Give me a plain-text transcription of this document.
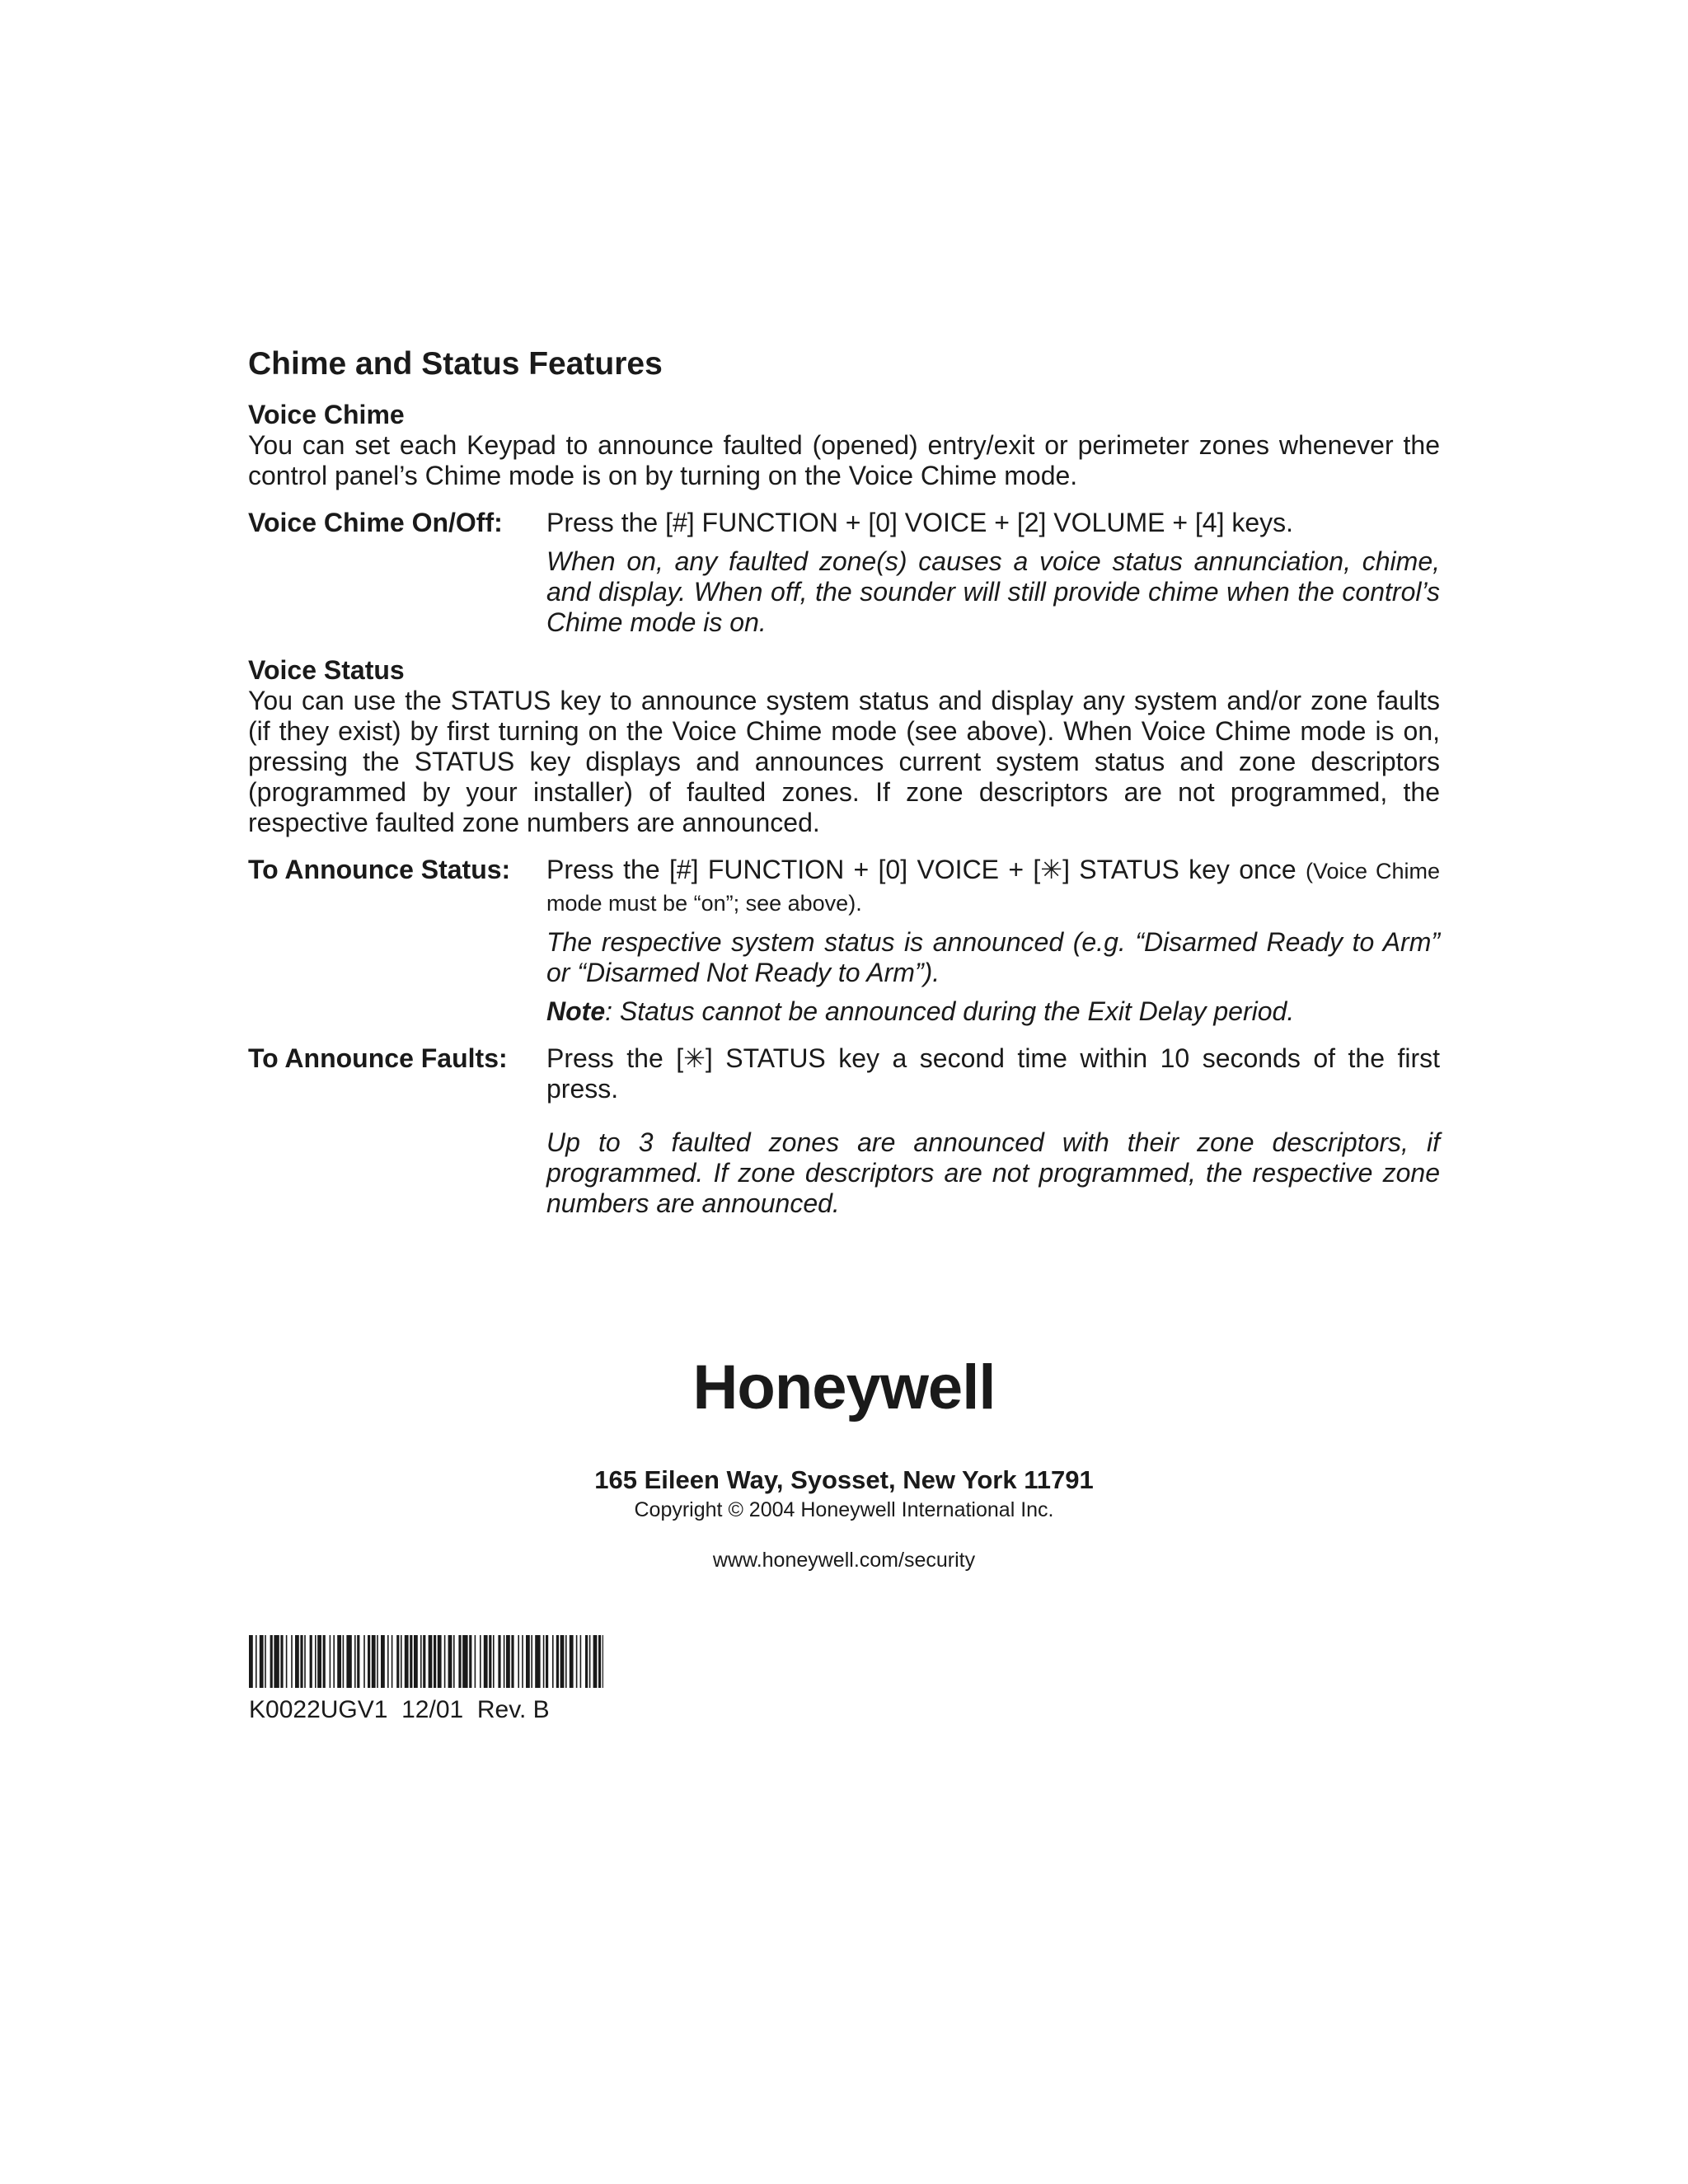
Chime and Status Features
Voice Chime
You can set each Keypad to announce faulted (opened) entry/exit or perimeter zones whenever the control panel’s Chime mode is on by turning on the Voice Chime mode.
Voice Chime On/Off:	Press the [#] FUNCTION + [0] VOICE + [2] VOLUME + [4] keys.

When on, any faulted zone(s) causes a voice status annunciation, chime, and display. When off, the sounder will still provide chime when the control’s Chime mode is on.

Voice Status
You can use the STATUS key to announce system status and display any system and/or zone faults (if they exist) by first turning on the Voice Chime mode (see above). When Voice Chime mode is on, pressing the STATUS key displays and announces current system status and zone descriptors (programmed by your installer) of faulted zones. If zone descriptors are not programmed, the respective faulted zone numbers are announced.
To Announce Status:	Press the [#] FUNCTION + [0] VOICE + [✳] STATUS key once (Voice Chime mode must be “on”; see above).

The respective system status is announced (e.g. “Disarmed Ready to Arm” or “Disarmed Not Ready to Arm”).

Note: Status cannot be announced during the Exit Delay period.

To Announce Faults:	Press the [✳] STATUS key a second time within 10 seconds of the first press.

Up to 3 faulted zones are announced with their zone descriptors, if programmed. If zone descriptors are not programmed, the respective zone numbers are announced.

Honeywell
165 Eileen Way, Syosset, New York 11791
Copyright © 2004 Honeywell International Inc.
www.honeywell.com/security
K0022UGV1  12/01  Rev. B
